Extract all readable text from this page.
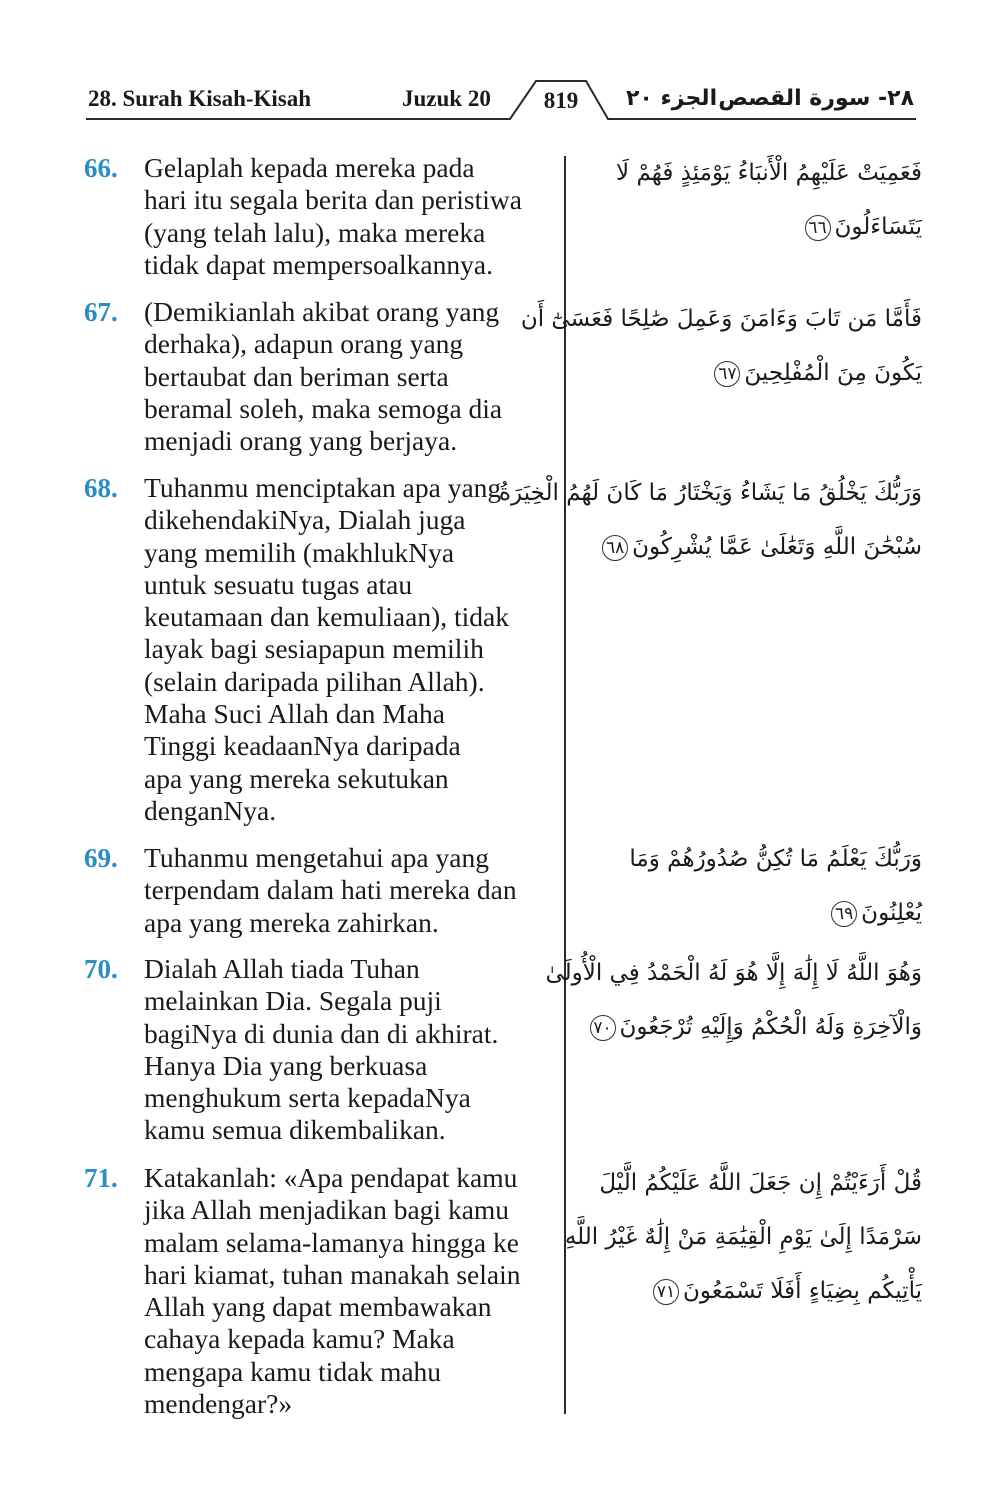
28. Surah Kisah-Kisah	Juzuk 20	819	الجزء ٢٠ ٢٨- سورة القصص
66. Gelaplah kepada mereka pada
hari itu segala berita dan peristiwa
(yang telah lalu), maka mereka
tidak dapat mempersoalkannya.
فَعَمِيَتْ عَلَيْهِمُ الْأَنبَاءُ يَوْمَئِذٍ فَهُمْ لَا
يَتَسَاءَلُونَ٦٦
67. (Demikianlah akibat orang yang
derhaka), adapun orang yang
bertaubat dan beriman serta
beramal soleh, maka semoga dia
menjadi orang yang berjaya.
فَأَمَّا مَن تَابَ وَءَامَنَ وَعَمِلَ صَٰلِحًا فَعَسَىٰٓ أَن
يَكُونَ مِنَ الْمُفْلِحِينَ٦٧
68. Tuhanmu menciptakan apa yang
dikehendakiNya, Dialah juga
yang memilih (makhlukNya
untuk sesuatu tugas atau
keutamaan dan kemuliaan), tidak
layak bagi sesiapapun memilih
(selain daripada pilihan Allah).
Maha Suci Allah dan Maha
Tinggi keadaanNya daripada
apa yang mereka sekutukan
denganNya.
وَرَبُّكَ يَخْلُقُ مَا يَشَاءُ وَيَخْتَارُ مَا كَانَ لَهُمُ الْخِيَرَةُ
سُبْحَٰنَ اللَّهِ وَتَعَٰلَىٰ عَمَّا يُشْرِكُونَ٦٨
69. Tuhanmu mengetahui apa yang
terpendam dalam hati mereka dan
apa yang mereka zahirkan.
وَرَبُّكَ يَعْلَمُ مَا تُكِنُّ صُدُورُهُمْ وَمَا
يُعْلِنُونَ٦٩
70. Dialah Allah tiada Tuhan
melainkan Dia. Segala puji
bagiNya di dunia dan di akhirat.
Hanya Dia yang berkuasa
menghukum serta kepadaNya
kamu semua dikembalikan.
وَهُوَ اللَّهُ لَا إِلَٰهَ إِلَّا هُوَ لَهُ الْحَمْدُ فِي الْأُولَىٰ
وَالْآخِرَةِ وَلَهُ الْحُكْمُ وَإِلَيْهِ تُرْجَعُونَ٧٠
71. Katakanlah: «Apa pendapat kamu
jika Allah menjadikan bagi kamu
malam selama-lamanya hingga ke
hari kiamat, tuhan manakah selain
Allah yang dapat membawakan
cahaya kepada kamu? Maka
mengapa kamu tidak mahu
mendengar?»
قُلْ أَرَءَيْتُمْ إِن جَعَلَ اللَّهُ عَلَيْكُمُ الَّيْلَ
سَرْمَدًا إِلَىٰ يَوْمِ الْقِيَٰمَةِ مَنْ إِلَٰهٌ غَيْرُ اللَّهِ
يَأْتِيكُم بِضِيَاءٍ أَفَلَا تَسْمَعُونَ٧١
